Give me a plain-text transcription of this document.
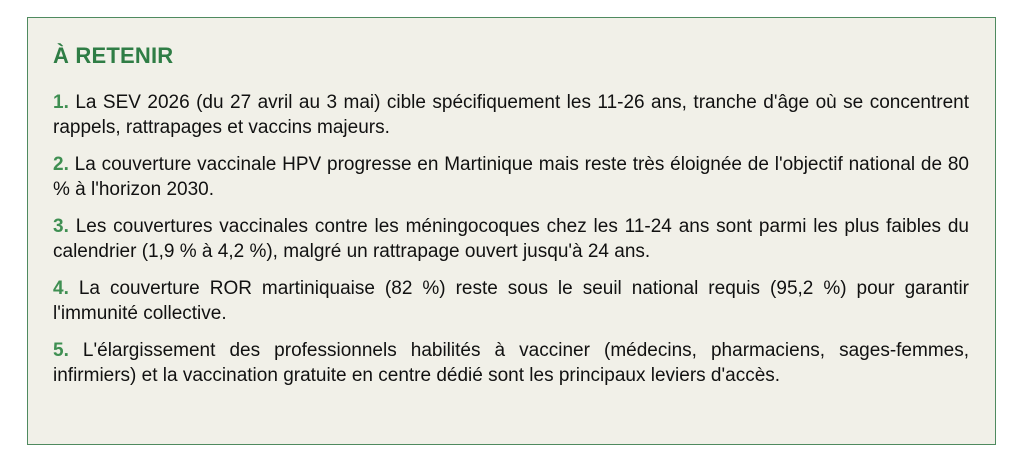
À RETENIR
1. La SEV 2026 (du 27 avril au 3 mai) cible spécifiquement les 11-26 ans, tranche d'âge où se concentrent rappels, rattrapages et vaccins majeurs.
2. La couverture vaccinale HPV progresse en Martinique mais reste très éloignée de l'objectif national de 80 % à l'horizon 2030.
3. Les couvertures vaccinales contre les méningocoques chez les 11-24 ans sont parmi les plus faibles du calendrier (1,9 % à 4,2 %), malgré un rattrapage ouvert jusqu'à 24 ans.
4. La couverture ROR martiniquaise (82 %) reste sous le seuil national requis (95,2 %) pour garantir l'immunité collective.
5. L'élargissement des professionnels habilités à vacciner (médecins, pharmaciens, sages-femmes, infirmiers) et la vaccination gratuite en centre dédié sont les principaux leviers d'accès.
